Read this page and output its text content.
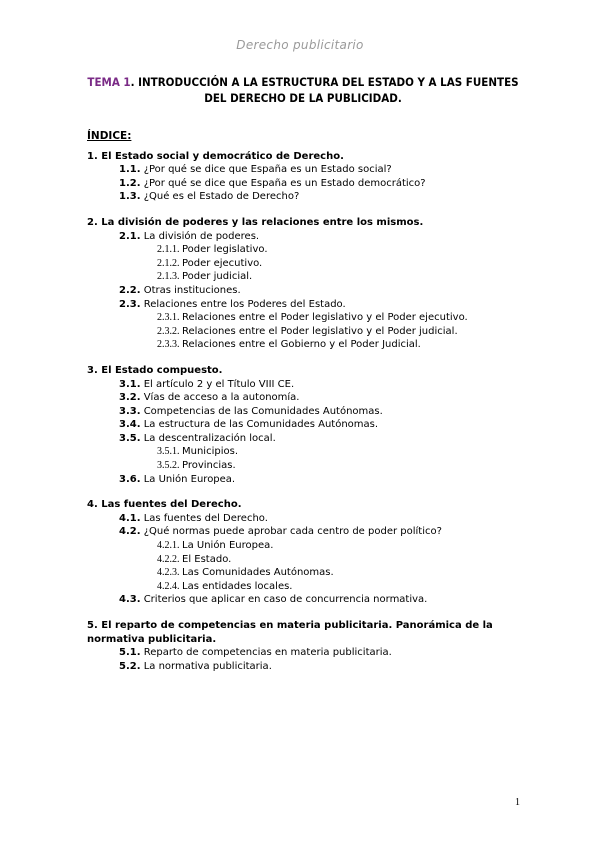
Derecho publicitario
TEMA 1. INTRODUCCIÓN A LA ESTRUCTURA DEL ESTADO Y A LAS FUENTES DEL DERECHO DE LA PUBLICIDAD.
ÍNDICE:
1. El Estado social y democrático de Derecho.
1.1. ¿Por qué se dice que España es un Estado social?
1.2. ¿Por qué se dice que España es un Estado democrático?
1.3. ¿Qué es el Estado de Derecho?
2. La división de poderes y las relaciones entre los mismos.
2.1. La división de poderes.
2.1.1. Poder legislativo.
2.1.2. Poder ejecutivo.
2.1.3. Poder judicial.
2.2. Otras instituciones.
2.3. Relaciones entre los Poderes del Estado.
2.3.1. Relaciones entre el Poder legislativo y el Poder ejecutivo.
2.3.2. Relaciones entre el Poder legislativo y el Poder judicial.
2.3.3. Relaciones entre el Gobierno y el Poder Judicial.
3. El Estado compuesto.
3.1. El artículo 2 y el Título VIII CE.
3.2. Vías de acceso a la autonomía.
3.3. Competencias de las Comunidades Autónomas.
3.4. La estructura de las Comunidades Autónomas.
3.5. La descentralización local.
3.5.1. Municipios.
3.5.2. Provincias.
3.6. La Unión Europea.
4. Las fuentes del Derecho.
4.1. Las fuentes del Derecho.
4.2. ¿Qué normas puede aprobar cada centro de poder político?
4.2.1. La Unión Europea.
4.2.2. El Estado.
4.2.3. Las Comunidades Autónomas.
4.2.4. Las entidades locales.
4.3. Criterios que aplicar en caso de concurrencia normativa.
5. El reparto de competencias en materia publicitaria. Panorámica de la normativa publicitaria.
5.1. Reparto de competencias en materia publicitaria.
5.2. La normativa publicitaria.
1
